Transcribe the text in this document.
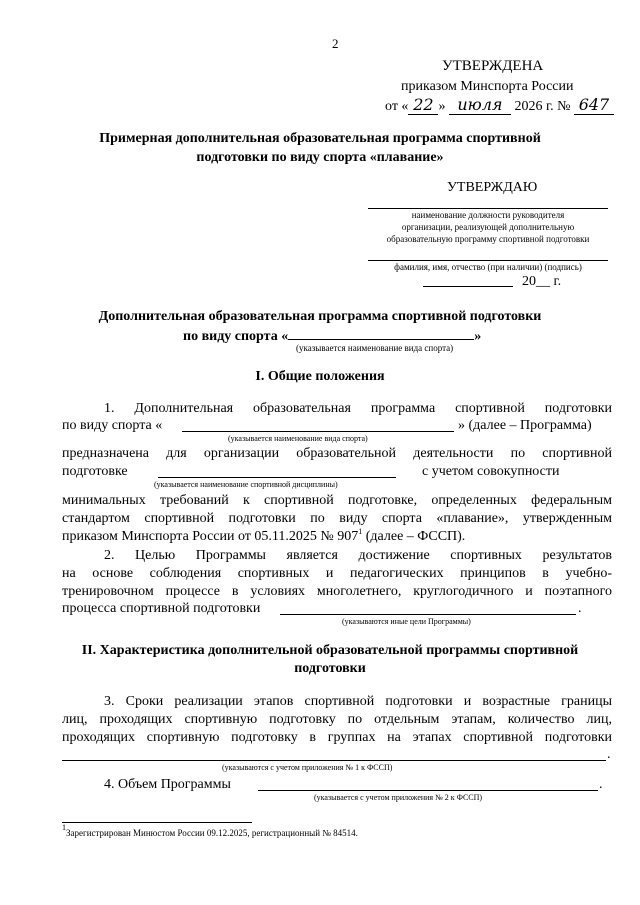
2
УТВЕРЖДЕНА
приказом Минспорта России
от « 22 » июля 2026 г. № 647
Примерная дополнительная образовательная программа спортивной
подготовки по виду спорта «плавание»
УТВЕРЖДАЮ
наименование должности руководителя
организации, реализующей дополнительную
образовательную программу спортивной подготовки
фамилия, имя, отчество (при наличии) (подпись)
20__ г.
Дополнительная образовательная программа спортивной подготовки
по виду спорта «	»
(указывается наименование вида спорта)
I. Общие положения
1. Дополнительная образовательная программа спортивной подготовки
по виду спорта «	» (далее – Программа)
(указывается наименование вида спорта)
предназначена для организации образовательной деятельности по спортивной
подготовке	с учетом совокупности
(указывается наименование спортивной дисциплины)
минимальных требований к спортивной подготовке, определенных федеральным
стандартом спортивной подготовки по виду спорта «плавание», утвержденным
приказом Минспорта России от 05.11.2025 № $907^1$ (далее – ФССП).
2. Целью Программы является достижение спортивных результатов
на основе соблюдения спортивных и педагогических принципов в учебно-
тренировочном процессе в условиях многолетнего, круглогодичного и поэтапного
процесса спортивной подготовки	.
(указываются иные цели Программы)
II. Характеристика дополнительной образовательной программы спортивной
подготовки
3. Сроки реализации этапов спортивной подготовки и возрастные границы
лиц, проходящих спортивную подготовку по отдельным этапам, количество лиц,
проходящих спортивную подготовку в группах на этапах спортивной подготовки
.
(указываются с учетом приложения № 1 к ФССП)
4. Объем Программы	.
(указывается с учетом приложения № 2 к ФССП)
$^1$Зарегистрирован Минюстом России 09.12.2025, регистрационный № 84514.
